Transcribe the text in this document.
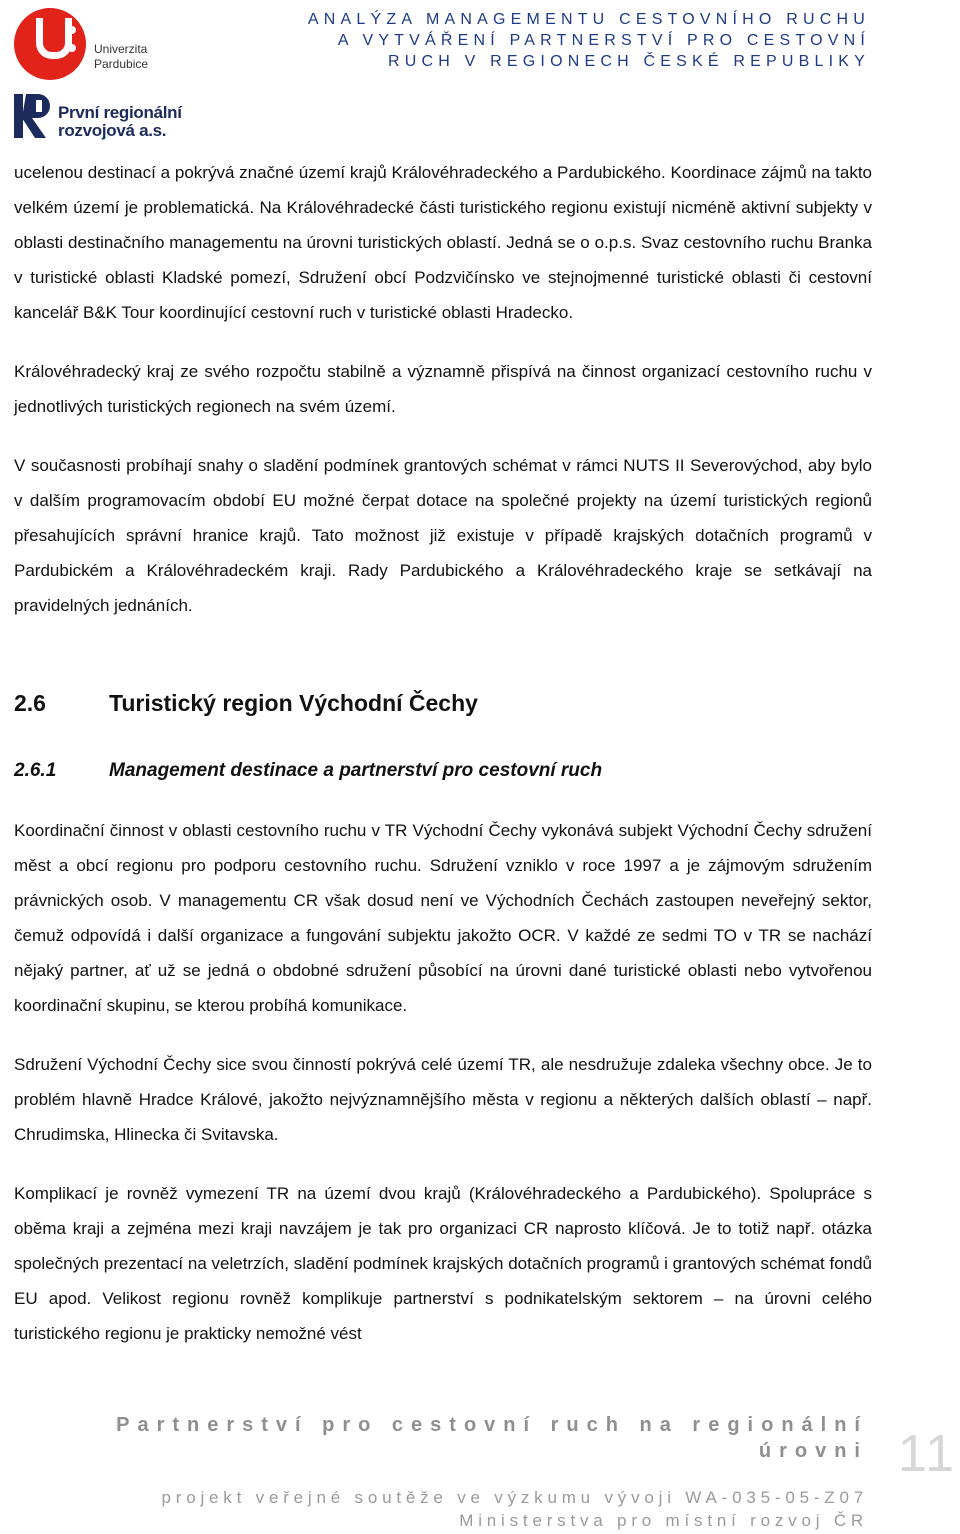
Univerzita
Pardubice
První regionální
rozvojová a.s.
ANALÝZA MANAGEMENTU CESTOVNÍHO RUCHU
A VYTVÁŘENÍ PARTNERSTVÍ PRO CESTOVNÍ
RUCH V REGIONECH ČESKÉ REPUBLIKY

ucelenou destinací a pokrývá značné území krajů Královéhradeckého a Pardubického. Koordinace zájmů na takto velkém území je problematická. Na Královéhradecké části turistického regionu existují nicméně aktivní subjekty v oblasti destinačního managementu na úrovni turistických oblastí. Jedná se o o.p.s. Svaz cestovního ruchu Branka v turistické oblasti Kladské pomezí, Sdružení obcí Podzvičínsko ve stejnojmenné turistické oblasti či cestovní kancelář B&K Tour koordinující cestovní ruch v turistické oblasti Hradecko.

Královéhradecký kraj ze svého rozpočtu stabilně a významně přispívá na činnost organizací cestovního ruchu v jednotlivých turistických regionech na svém území.

V současnosti probíhají snahy o sladění podmínek grantových schémat v rámci NUTS II Severovýchod, aby bylo v dalším programovacím období EU možné čerpat dotace na společné projekty na území turistických regionů přesahujících správní hranice krajů. Tato možnost již existuje v případě krajských dotačních programů v Pardubickém a Královéhradeckém kraji. Rady Pardubického a Královéhradeckého kraje se setkávají na pravidelných jednáních.

2.6	Turistický region Východní Čechy
2.6.1	Management destinace a partnerství pro cestovní ruch

Koordinační činnost v oblasti cestovního ruchu v TR Východní Čechy vykonává subjekt Východní Čechy sdružení měst a obcí regionu pro podporu cestovního ruchu. Sdružení vzniklo v roce 1997 a je zájmovým sdružením právnických osob. V managementu CR však dosud není ve Východních Čechách zastoupen neveřejný sektor, čemuž odpovídá i další organizace a fungování subjektu jakožto OCR. V každé ze sedmi TO v TR se nachází nějaký partner, ať už se jedná o obdobné sdružení působící na úrovni dané turistické oblasti nebo vytvořenou koordinační skupinu, se kterou probíhá komunikace.

Sdružení Východní Čechy sice svou činností pokrývá celé území TR, ale nesdružuje zdaleka všechny obce. Je to problém hlavně Hradce Králové, jakožto nejvýznamnějšího města v regionu a některých dalších oblastí – např. Chrudimska, Hlinecka či Svitavska.

Komplikací je rovněž vymezení TR na území dvou krajů (Královéhradeckého a Pardubického). Spolupráce s oběma kraji a zejména mezi kraji navzájem je tak pro organizaci CR naprosto klíčová. Je to totiž např. otázka společných prezentací na veletrzích, sladění podmínek krajských dotačních programů i grantových schémat fondů EU apod. Velikost regionu rovněž komplikuje partnerství s podnikatelským sektorem – na úrovni celého turistického regionu je prakticky nemožné vést

Partnerství pro cestovní ruch na regionální úrovni 11
projekt veřejné soutěže ve výzkumu vývoji WA-035-05-Z07
Ministerstva pro místní rozvoj ČR
